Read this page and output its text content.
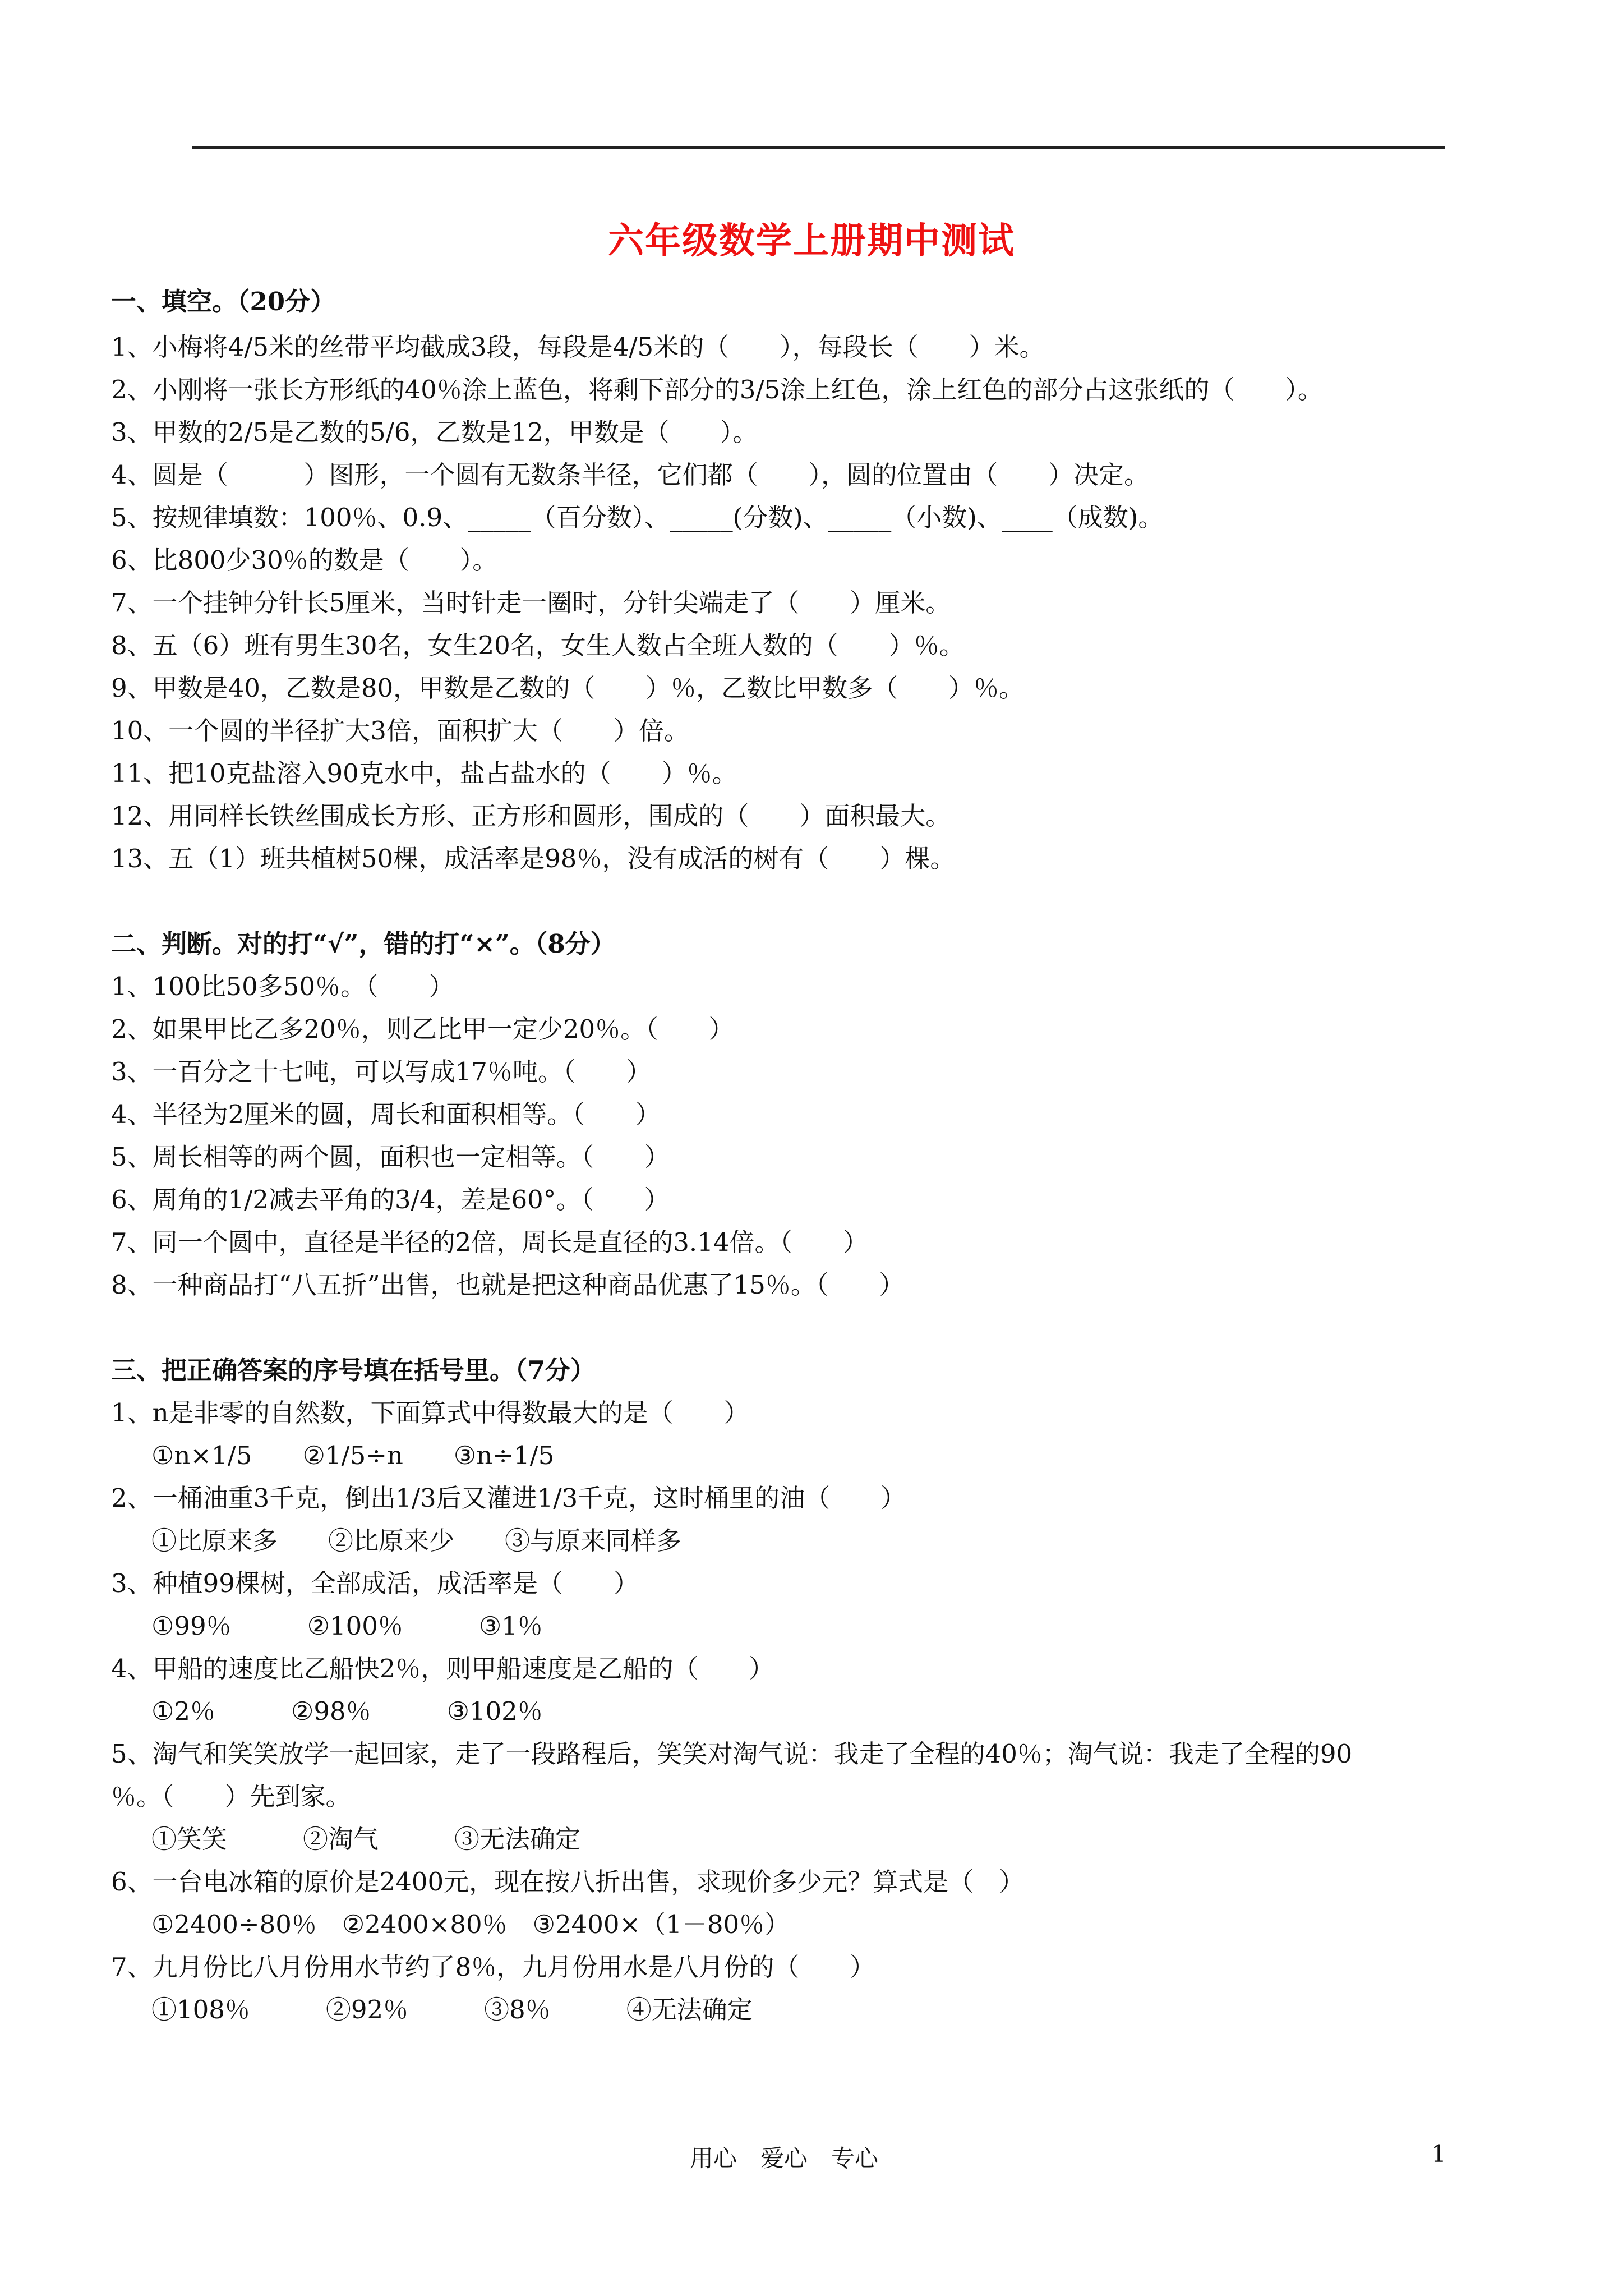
六年级数学上册期中测试
一、填空。（20分）
1、小梅将4/5米的丝带平均截成3段，每段是4/5米的（　　），每段长（　　）米。
2、小刚将一张长方形纸的40％涂上蓝色，将剩下部分的3/5涂上红色，涂上红色的部分占这张纸的（　　）。
3、甲数的2/5是乙数的5/6，乙数是12，甲数是（　　）。
4、圆是（　　　）图形，一个圆有无数条半径，它们都（　　），圆的位置由（　　）决定。
5、按规律填数：100％、0.9、_____（百分数）、_____(分数)、_____（小数)、____（成数)。
6、比800少30％的数是（　　）。
7、一个挂钟分针长5厘米，当时针走一圈时，分针尖端走了（　　）厘米。
8、五（6）班有男生30名，女生20名，女生人数占全班人数的（　　）％。
9、甲数是40，乙数是80，甲数是乙数的（　　）％，乙数比甲数多（　　）％。
10、一个圆的半径扩大3倍，面积扩大（　　）倍。
11、把10克盐溶入90克水中，盐占盐水的（　　）％。
12、用同样长铁丝围成长方形、正方形和圆形，围成的（　　）面积最大。
13、五（1）班共植树50棵，成活率是98％，没有成活的树有（　　）棵。
二、判断。对的打“√”，错的打“×”。（8分）
1、100比50多50％。（　　）
2、如果甲比乙多20％，则乙比甲一定少20％。（　　）
3、一百分之十七吨，可以写成17％吨。（　　）
4、半径为2厘米的圆，周长和面积相等。（　　）
5、周长相等的两个圆，面积也一定相等。（　　）
6、周角的1/2减去平角的3/4，差是60°。（　　）
7、同一个圆中，直径是半径的2倍，周长是直径的3.14倍。（　　）
8、一种商品打“八五折”出售，也就是把这种商品优惠了15％。（　　）
三、把正确答案的序号填在括号里。（7分）
1、n是非零的自然数，下面算式中得数最大的是（　　）
①n×1/5　　②1/5÷n　　③n÷1/5
2、一桶油重3千克，倒出1/3后又灌进1/3千克，这时桶里的油（　　）
①比原来多　　②比原来少　　③与原来同样多
3、种植99棵树，全部成活，成活率是（　　）
①99％　　　②100％　　　③1％
4、甲船的速度比乙船快2％，则甲船速度是乙船的（　　）
①2％　　　②98％　　　③102％
5、淘气和笑笑放学一起回家，走了一段路程后，笑笑对淘气说：我走了全程的40％；淘气说：我走了全程的90
％。（　　）先到家。
①笑笑　　　②淘气　　　③无法确定
6、一台电冰箱的原价是2400元，现在按八折出售，求现价多少元？算式是（　）
①2400÷80％　②2400×80％　③2400×（1－80％）
7、九月份比八月份用水节约了8％，九月份用水是八月份的（　　）
①108％　　　②92％　　　③8％　　　④无法确定
用心　爱心　专心	1
